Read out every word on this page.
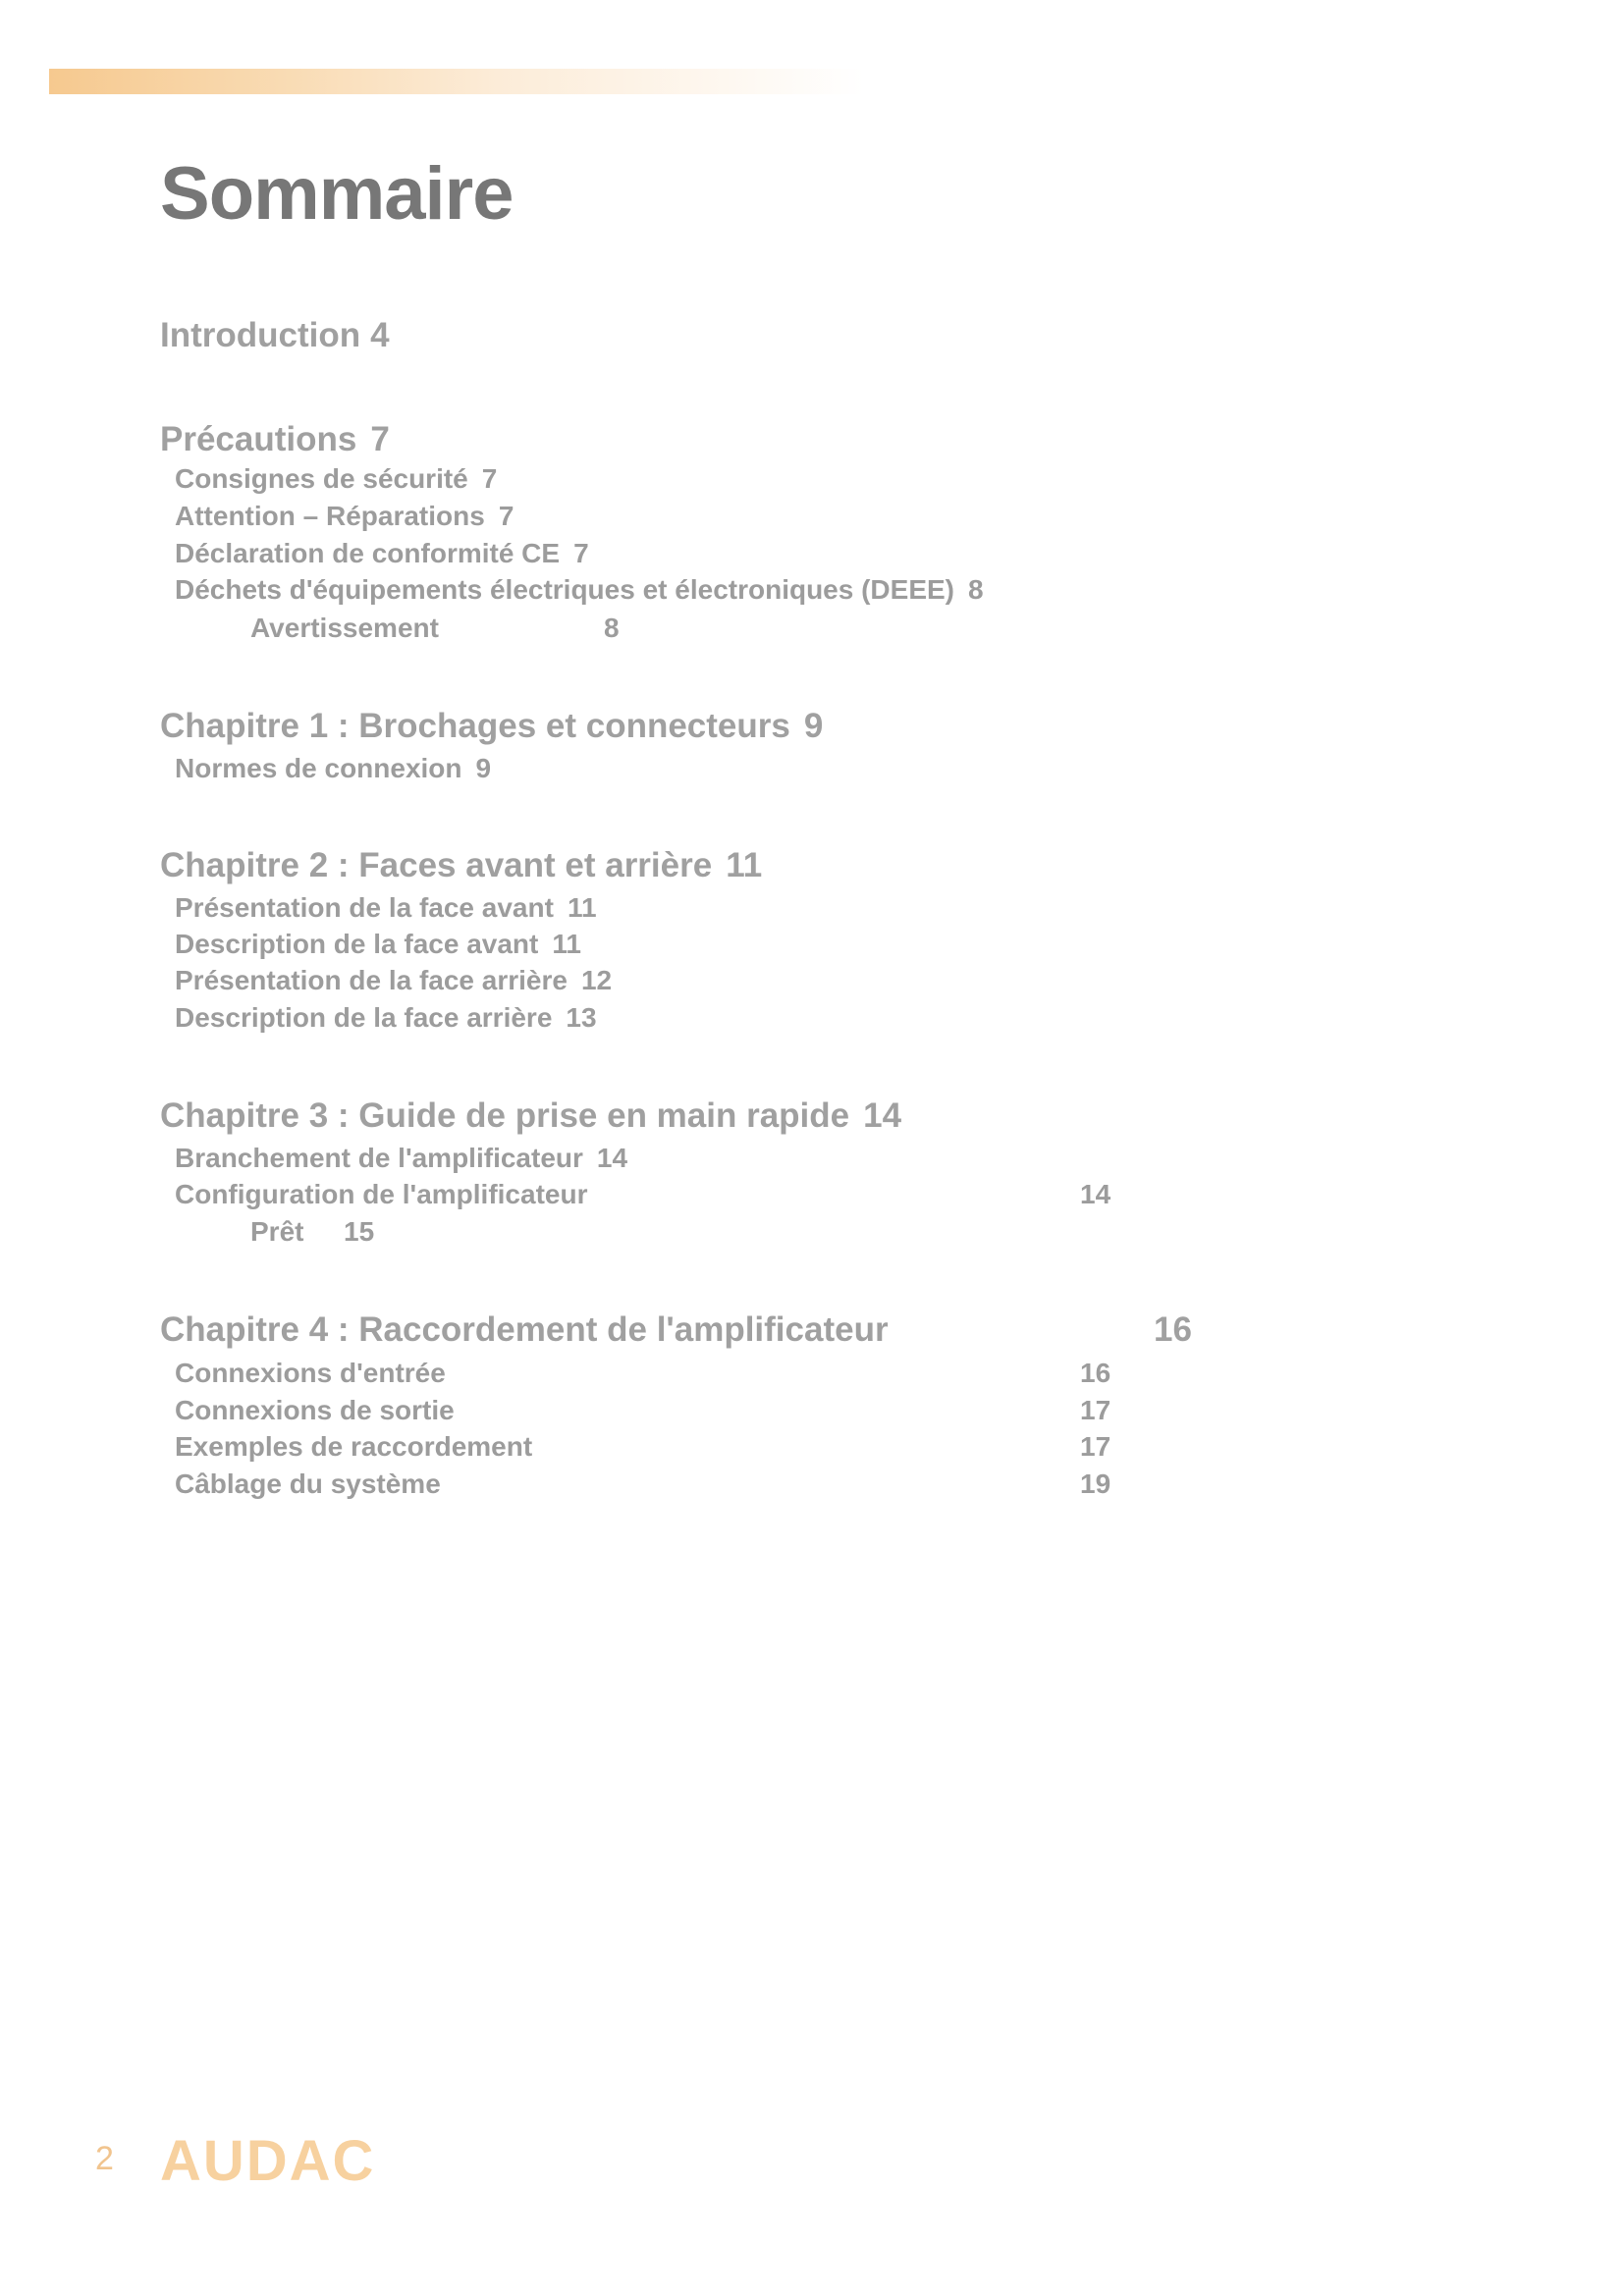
Sommaire
Introduction 4
Précautions 7
Consignes de sécurité 7
Attention – Réparations 7
Déclaration de conformité CE 7
Déchets d'équipements électriques et électroniques (DEEE) 8
Avertissement	8
Chapitre 1 : Brochages et connecteurs 9
Normes de connexion 9
Chapitre 2 : Faces avant et arrière 11
Présentation de la face avant 11
Description de la face avant 11
Présentation de la face arrière 12
Description de la face arrière 13
Chapitre 3 : Guide de prise en main rapide 14
Branchement de l'amplificateur 14
Configuration de l'amplificateur	14
Prêt 15
Chapitre 4 : Raccordement de l'amplificateur	16
Connexions d'entrée	16
Connexions de sortie	17
Exemples de raccordement	17
Câblage du système	19
2 AUDAC
